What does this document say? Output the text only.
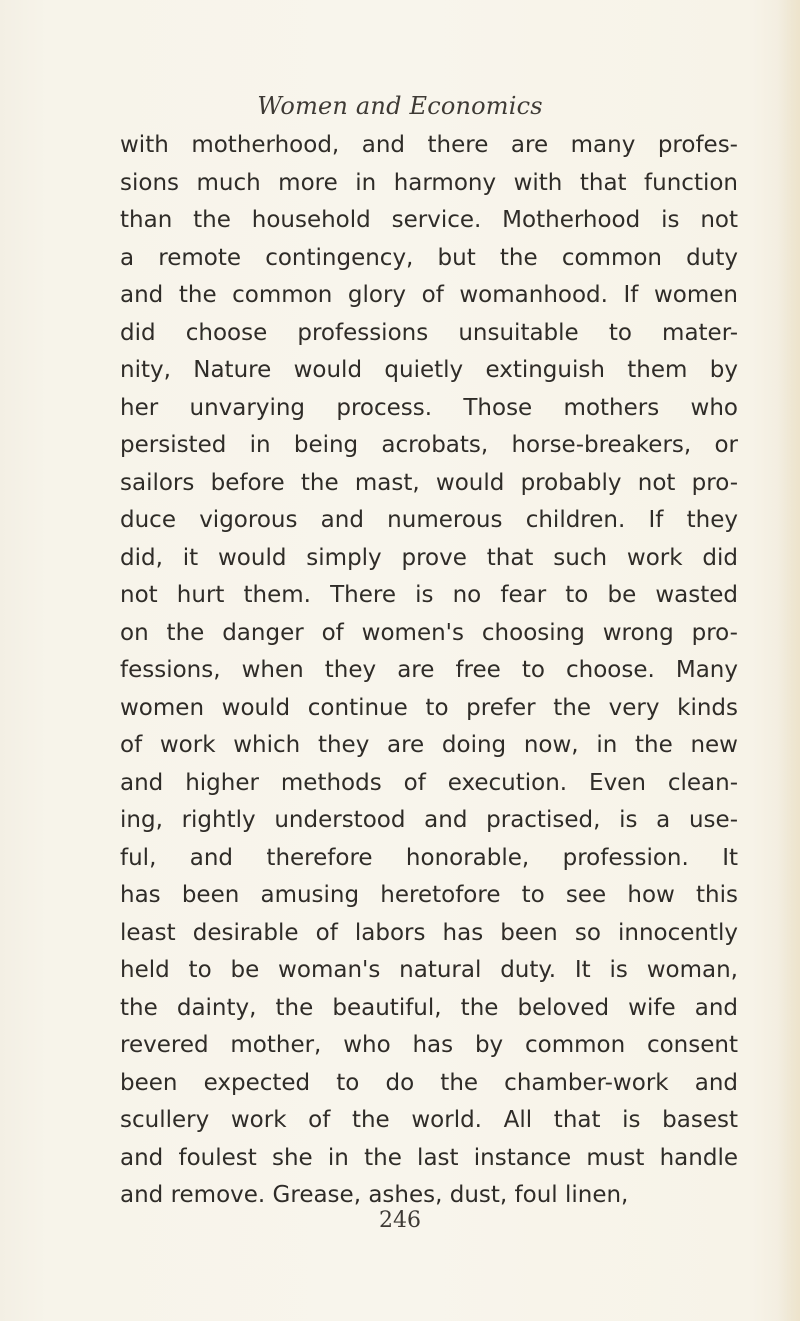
Women and Economics
with motherhood, and there are many profes-
sions much more in harmony with that function
than the household service. Motherhood is not
a remote contingency, but the common duty
and the common glory of womanhood. If women
did choose professions unsuitable to mater-
nity, Nature would quietly extinguish them by
her unvarying process. Those mothers who
persisted in being acrobats, horse-breakers, or
sailors before the mast, would probably not pro-
duce vigorous and numerous children. If they
did, it would simply prove that such work did
not hurt them. There is no fear to be wasted
on the danger of women's choosing wrong pro-
fessions, when they are free to choose. Many
women would continue to prefer the very kinds
of work which they are doing now, in the new
and higher methods of execution. Even clean-
ing, rightly understood and practised, is a use-
ful, and therefore honorable, profession. It
has been amusing heretofore to see how this
least desirable of labors has been so innocently
held to be woman's natural duty. It is woman,
the dainty, the beautiful, the beloved wife and
revered mother, who has by common consent
been expected to do the chamber-work and
scullery work of the world. All that is basest
and foulest she in the last instance must handle
and remove. Grease, ashes, dust, foul linen,
246
